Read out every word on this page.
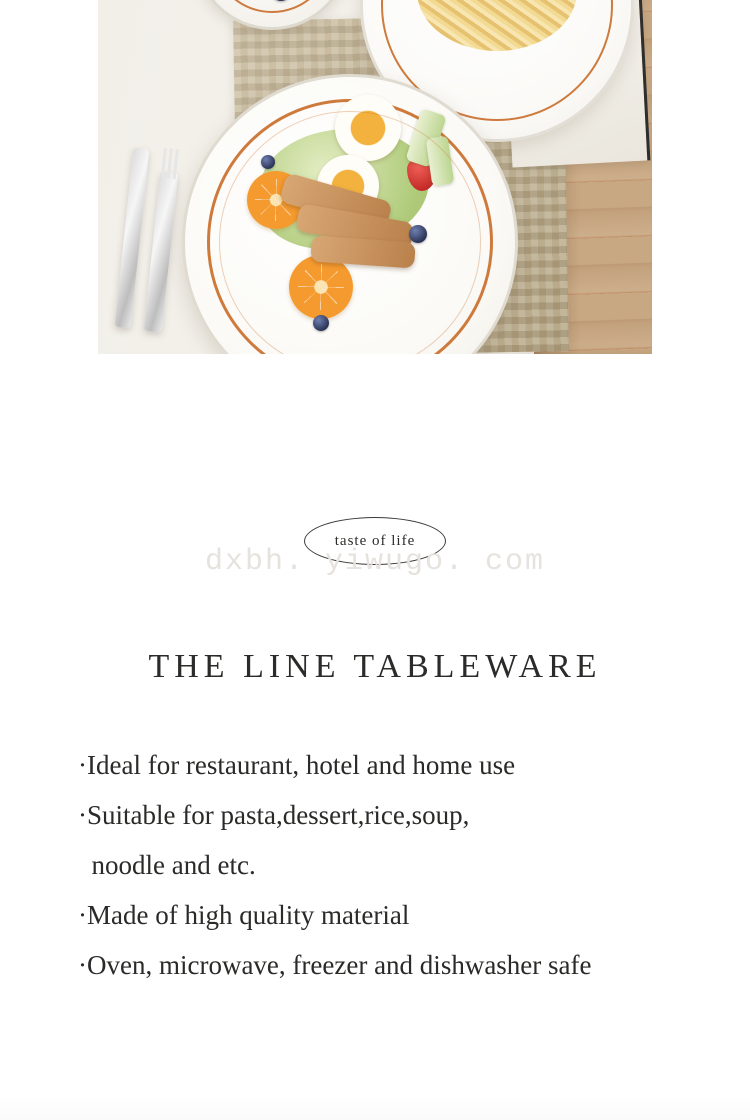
taste of life
dxbh. yiwugo. com
THE LINE TABLEWARE
·Ideal for restaurant, hotel and home use
·Suitable for pasta,dessert,rice,soup,
noodle and etc.
·Made of high quality material
·Oven, microwave, freezer and dishwasher safe
